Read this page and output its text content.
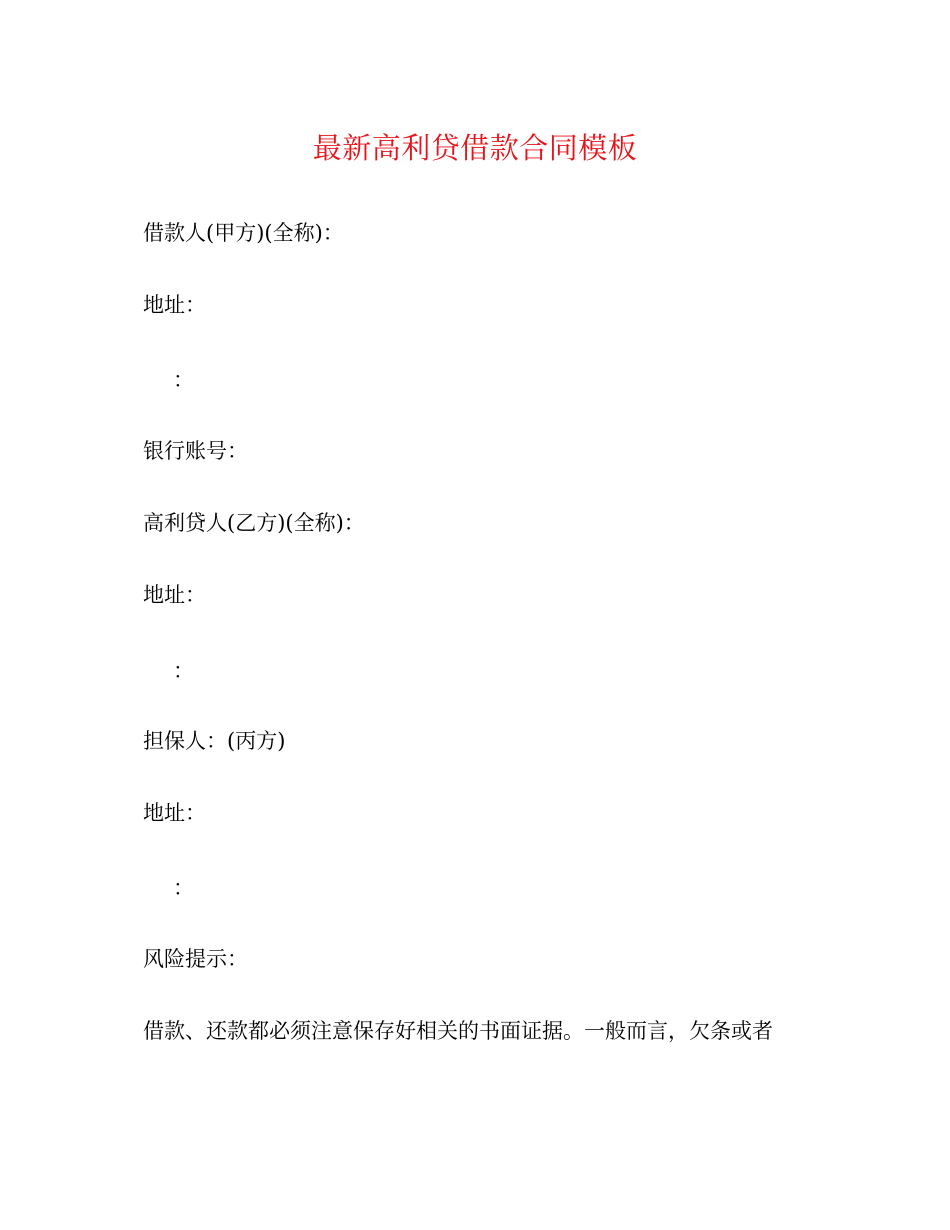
最新高利贷借款合同模板
借款人(甲方)(全称)：
地址：
：
银行账号：
高利贷人(乙方)(全称)：
地址：
：
担保人：(丙方)
地址：
：
风险提示：
借款、还款都必须注意保存好相关的书面证据。一般而言，欠条或者
